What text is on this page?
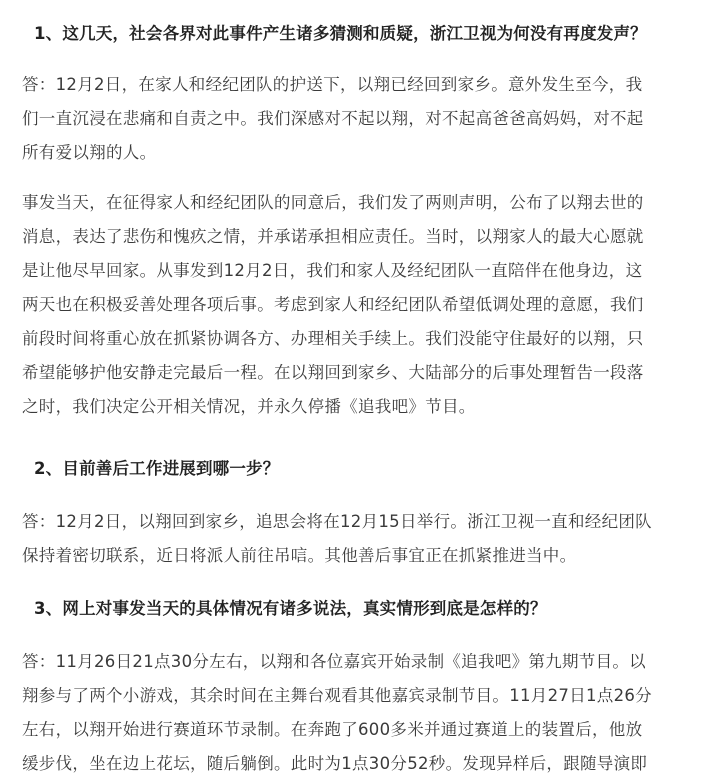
1、这几天，社会各界对此事件产生诸多猜测和质疑，浙江卫视为何没有再度发声？
答：12月2日，在家人和经纪团队的护送下，以翔已经回到家乡。意外发生至今，我
们一直沉浸在悲痛和自责之中。我们深感对不起以翔，对不起高爸爸高妈妈，对不起
所有爱以翔的人。
事发当天，在征得家人和经纪团队的同意后，我们发了两则声明，公布了以翔去世的
消息，表达了悲伤和愧疚之情，并承诺承担相应责任。当时，以翔家人的最大心愿就
是让他尽早回家。从事发到12月2日，我们和家人及经纪团队一直陪伴在他身边，这
两天也在积极妥善处理各项后事。考虑到家人和经纪团队希望低调处理的意愿，我们
前段时间将重心放在抓紧协调各方、办理相关手续上。我们没能守住最好的以翔，只
希望能够护他安静走完最后一程。在以翔回到家乡、大陆部分的后事处理暂告一段落
之时，我们决定公开相关情况，并永久停播《追我吧》节目。
2、目前善后工作进展到哪一步？
答：12月2日，以翔回到家乡，追思会将在12月15日举行。浙江卫视一直和经纪团队
保持着密切联系，近日将派人前往吊唁。其他善后事宜正在抓紧推进当中。
3、网上对事发当天的具体情况有诸多说法，真实情形到底是怎样的？
答：11月26日21点30分左右，以翔和各位嘉宾开始录制《追我吧》第九期节目。以
翔参与了两个小游戏，其余时间在主舞台观看其他嘉宾录制节目。11月27日1点26分
左右，以翔开始进行赛道环节录制。在奔跑了600多米并通过赛道上的装置后，他放
缓步伐，坐在边上花坛，随后躺倒。此时为1点30分52秒。发现异样后，跟随导演即
